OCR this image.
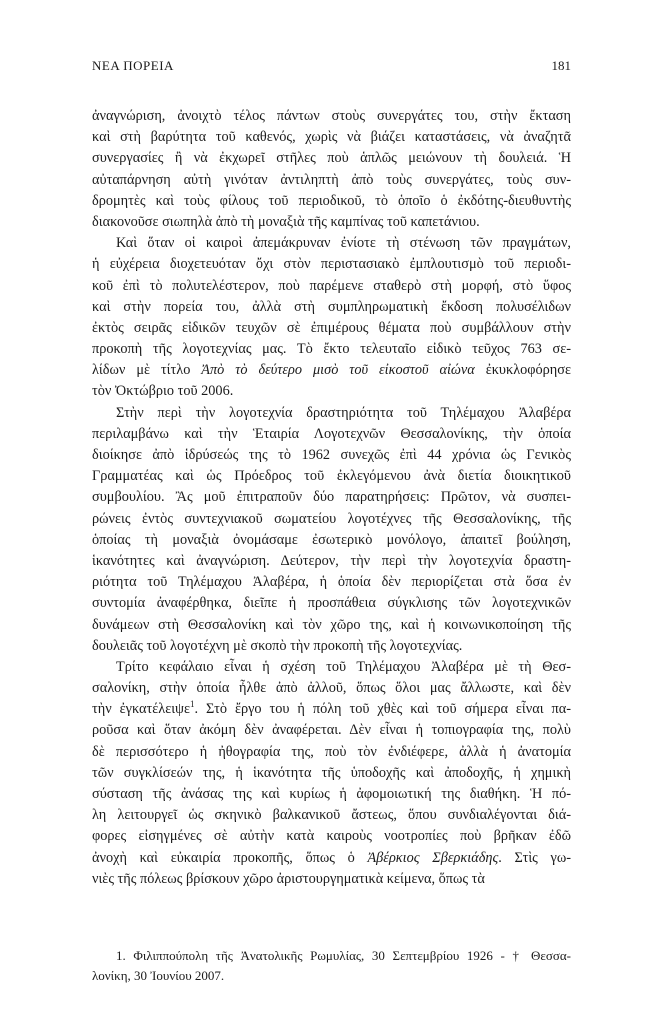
ΝΕΑ ΠΟΡΕΙΑ	181
ἀναγνώριση, ἀνοιχτὸ τέλος πάντων στοὺς συνεργάτες του, στὴν ἔκταση
καὶ στὴ βαρύτητα τοῦ καθενός, χωρὶς νὰ βιάζει καταστάσεις, νὰ ἀναζητᾶ
συνεργασίες ἢ νὰ ἐκχωρεῖ στῆλες ποὺ ἁπλῶς μειώνουν τὴ δουλειά. Ἡ
αὐταπάρνηση αὐτὴ γινόταν ἀντιληπτὴ ἀπὸ τοὺς συνεργάτες, τοὺς συν-
δρομητὲς καὶ τοὺς φίλους τοῦ περιοδικοῦ, τὸ ὁποῖο ὁ ἐκδότης-διευθυντὴς
διακονοῦσε σιωπηλὰ ἀπὸ τὴ μοναξιὰ τῆς καμπίνας τοῦ καπετάνιου.
Καὶ ὅταν οἱ καιροὶ ἀπεμάκρυναν ἐνίοτε τὴ στένωση τῶν πραγμάτων,
ἡ εὐχέρεια διοχετευόταν ὄχι στὸν περιστασιακὸ ἐμπλουτισμὸ τοῦ περιοδι-
κοῦ ἐπὶ τὸ πολυτελέστερον, ποὺ παρέμενε σταθερὸ στὴ μορφή, στὸ ὕφος
καὶ στὴν πορεία του, ἀλλὰ στὴ συμπληρωματικὴ ἔκδοση πολυσέλιδων
ἐκτὸς σειρᾶς εἰδικῶν τευχῶν σὲ ἐπιμέρους θέματα ποὺ συμβάλλουν στὴν
προκοπὴ τῆς λογοτεχνίας μας. Τὸ ἔκτο τελευταῖο εἰδικὸ τεῦχος 763 σε-
λίδων μὲ τίτλο Ἀπὸ τὸ δεύτερο μισὸ τοῦ εἰκοστοῦ αἰώνα ἐκυκλοφόρησε
τὸν Ὀκτώβριο τοῦ 2006.
Στὴν περὶ τὴν λογοτεχνία δραστηριότητα τοῦ Τηλέμαχου Ἀλαβέρα
περιλαμβάνω καὶ τὴν Ἑταιρία Λογοτεχνῶν Θεσσαλονίκης, τὴν ὁποία
διοίκησε ἀπὸ ἱδρύσεώς της τὸ 1962 συνεχῶς ἐπὶ 44 χρόνια ὡς Γενικὸς
Γραμματέας καὶ ὡς Πρόεδρος τοῦ ἐκλεγόμενου ἀνὰ διετία διοικητικοῦ
συμβουλίου. Ἂς μοῦ ἐπιτραποῦν δύο παρατηρήσεις: Πρῶτον, νὰ συσπει-
ρώνεις ἐντὸς συντεχνιακοῦ σωματείου λογοτέχνες τῆς Θεσσαλονίκης, τῆς
ὁποίας τὴ μοναξιὰ ὀνομάσαμε ἐσωτερικὸ μονόλογο, ἀπαιτεῖ βούληση,
ἱκανότητες καὶ ἀναγνώριση. Δεύτερον, τὴν περὶ τὴν λογοτεχνία δραστη-
ριότητα τοῦ Τηλέμαχου Ἀλαβέρα, ἡ ὁποία δὲν περιορίζεται στὰ ὅσα ἐν
συντομία ἀναφέρθηκα, διεῖπε ἡ προσπάθεια σύγκλισης τῶν λογοτεχνικῶν
δυνάμεων στὴ Θεσσαλονίκη καὶ τὸν χῶρο της, καὶ ἡ κοινωνικοποίηση τῆς
δουλειᾶς τοῦ λογοτέχνη μὲ σκοπὸ τὴν προκοπὴ τῆς λογοτεχνίας.
Τρίτο κεφάλαιο εἶναι ἡ σχέση τοῦ Τηλέμαχου Ἀλαβέρα μὲ τὴ Θεσ-
σαλονίκη, στὴν ὁποία ἦλθε ἀπὸ ἀλλοῦ, ὅπως ὅλοι μας ἄλλωστε, καὶ δὲν
τὴν ἐγκατέλειψε$^1$. Στὸ ἔργο του ἡ πόλη τοῦ χθὲς καὶ τοῦ σήμερα εἶναι πα-
ροῦσα καὶ ὅταν ἀκόμη δὲν ἀναφέρεται. Δὲν εἶναι ἡ τοπιογραφία της, πολὺ
δὲ περισσότερο ἡ ἠθογραφία της, ποὺ τὸν ἐνδιέφερε, ἀλλὰ ἡ ἀνατομία
τῶν συγκλίσεών της, ἡ ἱκανότητα τῆς ὑποδοχῆς καὶ ἀποδοχῆς, ἡ χημικὴ
σύσταση τῆς ἀνάσας της καὶ κυρίως ἡ ἀφομοιωτική της διαθήκη. Ἡ πό-
λη λειτουργεῖ ὡς σκηνικὸ βαλκανικοῦ ἄστεως, ὅπου συνδιαλέγονται διά-
φορες εἰσηγμένες σὲ αὐτὴν κατὰ καιροὺς νοοτροπίες ποὺ βρῆκαν ἐδῶ
ἀνοχὴ καὶ εὐκαιρία προκοπῆς, ὅπως ὁ Ἀβέρκιος Σβερκιάδης. Στὶς γω-
νιὲς τῆς πόλεως βρίσκουν χῶρο ἀριστουργηματικὰ κείμενα, ὅπως τὰ
1. Φιλιππούπολη τῆς Ἀνατολικῆς Ρωμυλίας, 30 Σεπτεμβρίου 1926 - † Θεσσα-
λονίκη, 30 Ἰουνίου 2007.
